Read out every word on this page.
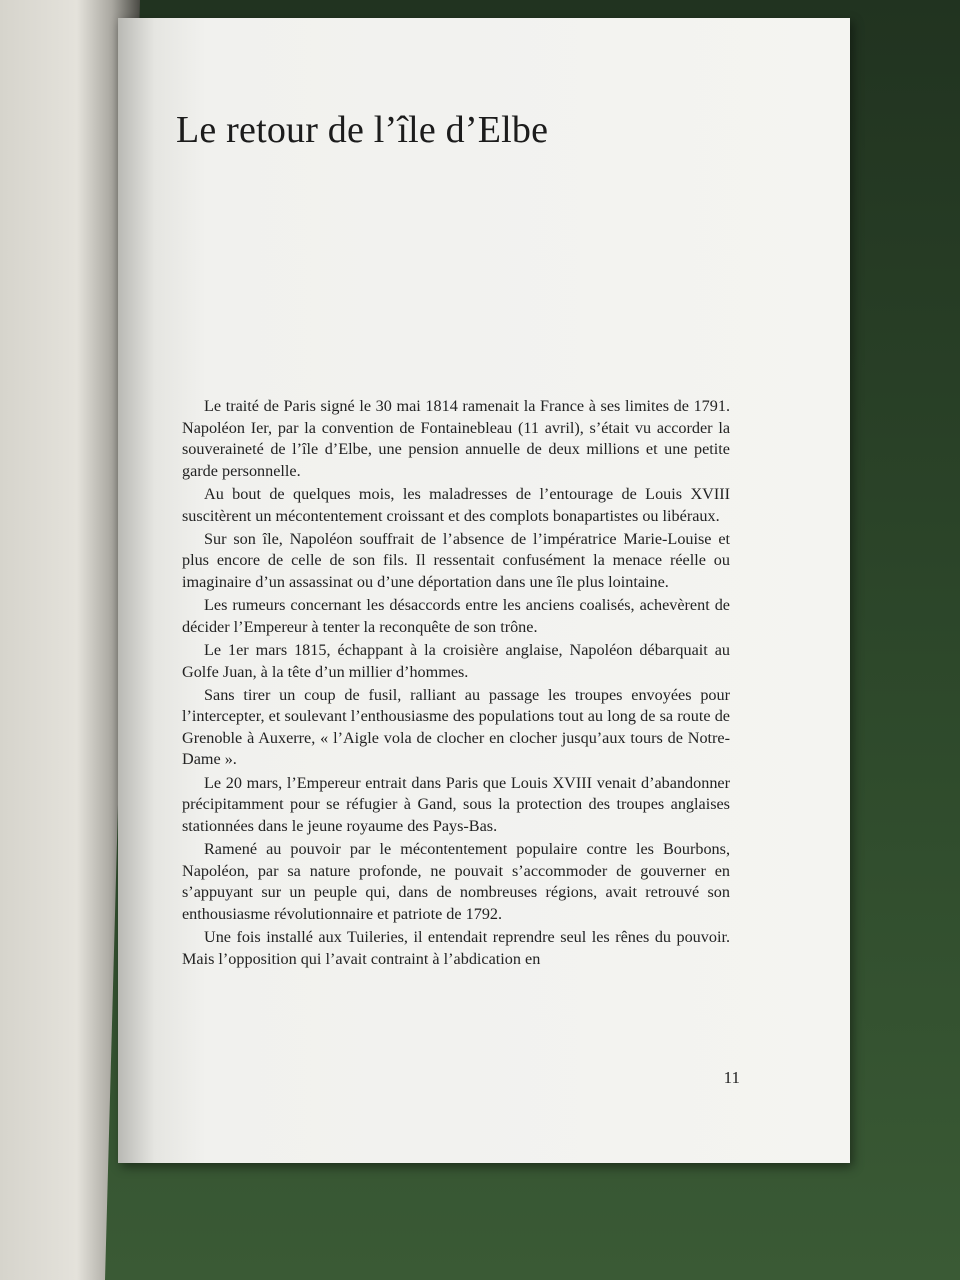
Le retour de l’île d’Elbe

Le traité de Paris signé le 30 mai 1814 ramenait la France à ses limites de 1791. Napoléon Ier, par la convention de Fontainebleau (11 avril), s’était vu accorder la souveraineté de l’île d’Elbe, une pension annuelle de deux millions et une petite garde personnelle.

Au bout de quelques mois, les maladresses de l’entourage de Louis XVIII suscitèrent un mécontentement croissant et des complots bonapartistes ou libéraux.

Sur son île, Napoléon souffrait de l’absence de l’impératrice Marie-Louise et plus encore de celle de son fils. Il ressentait confusément la menace réelle ou imaginaire d’un assassinat ou d’une déportation dans une île plus lointaine.

Les rumeurs concernant les désaccords entre les anciens coalisés, achevèrent de décider l’Empereur à tenter la reconquête de son trône.

Le 1er mars 1815, échappant à la croisière anglaise, Napoléon débarquait au Golfe Juan, à la tête d’un millier d’hommes.

Sans tirer un coup de fusil, ralliant au passage les troupes envoyées pour l’intercepter, et soulevant l’enthousiasme des populations tout au long de sa route de Grenoble à Auxerre, « l’Aigle vola de clocher en clocher jusqu’aux tours de Notre-Dame ».

Le 20 mars, l’Empereur entrait dans Paris que Louis XVIII venait d’abandonner précipitamment pour se réfugier à Gand, sous la protection des troupes anglaises stationnées dans le jeune royaume des Pays-Bas.

Ramené au pouvoir par le mécontentement populaire contre les Bourbons, Napoléon, par sa nature profonde, ne pouvait s’accommoder de gouverner en s’appuyant sur un peuple qui, dans de nombreuses régions, avait retrouvé son enthousiasme révolutionnaire et patriote de 1792.

Une fois installé aux Tuileries, il entendait reprendre seul les rênes du pouvoir. Mais l’opposition qui l’avait contraint à l’abdication en

11
